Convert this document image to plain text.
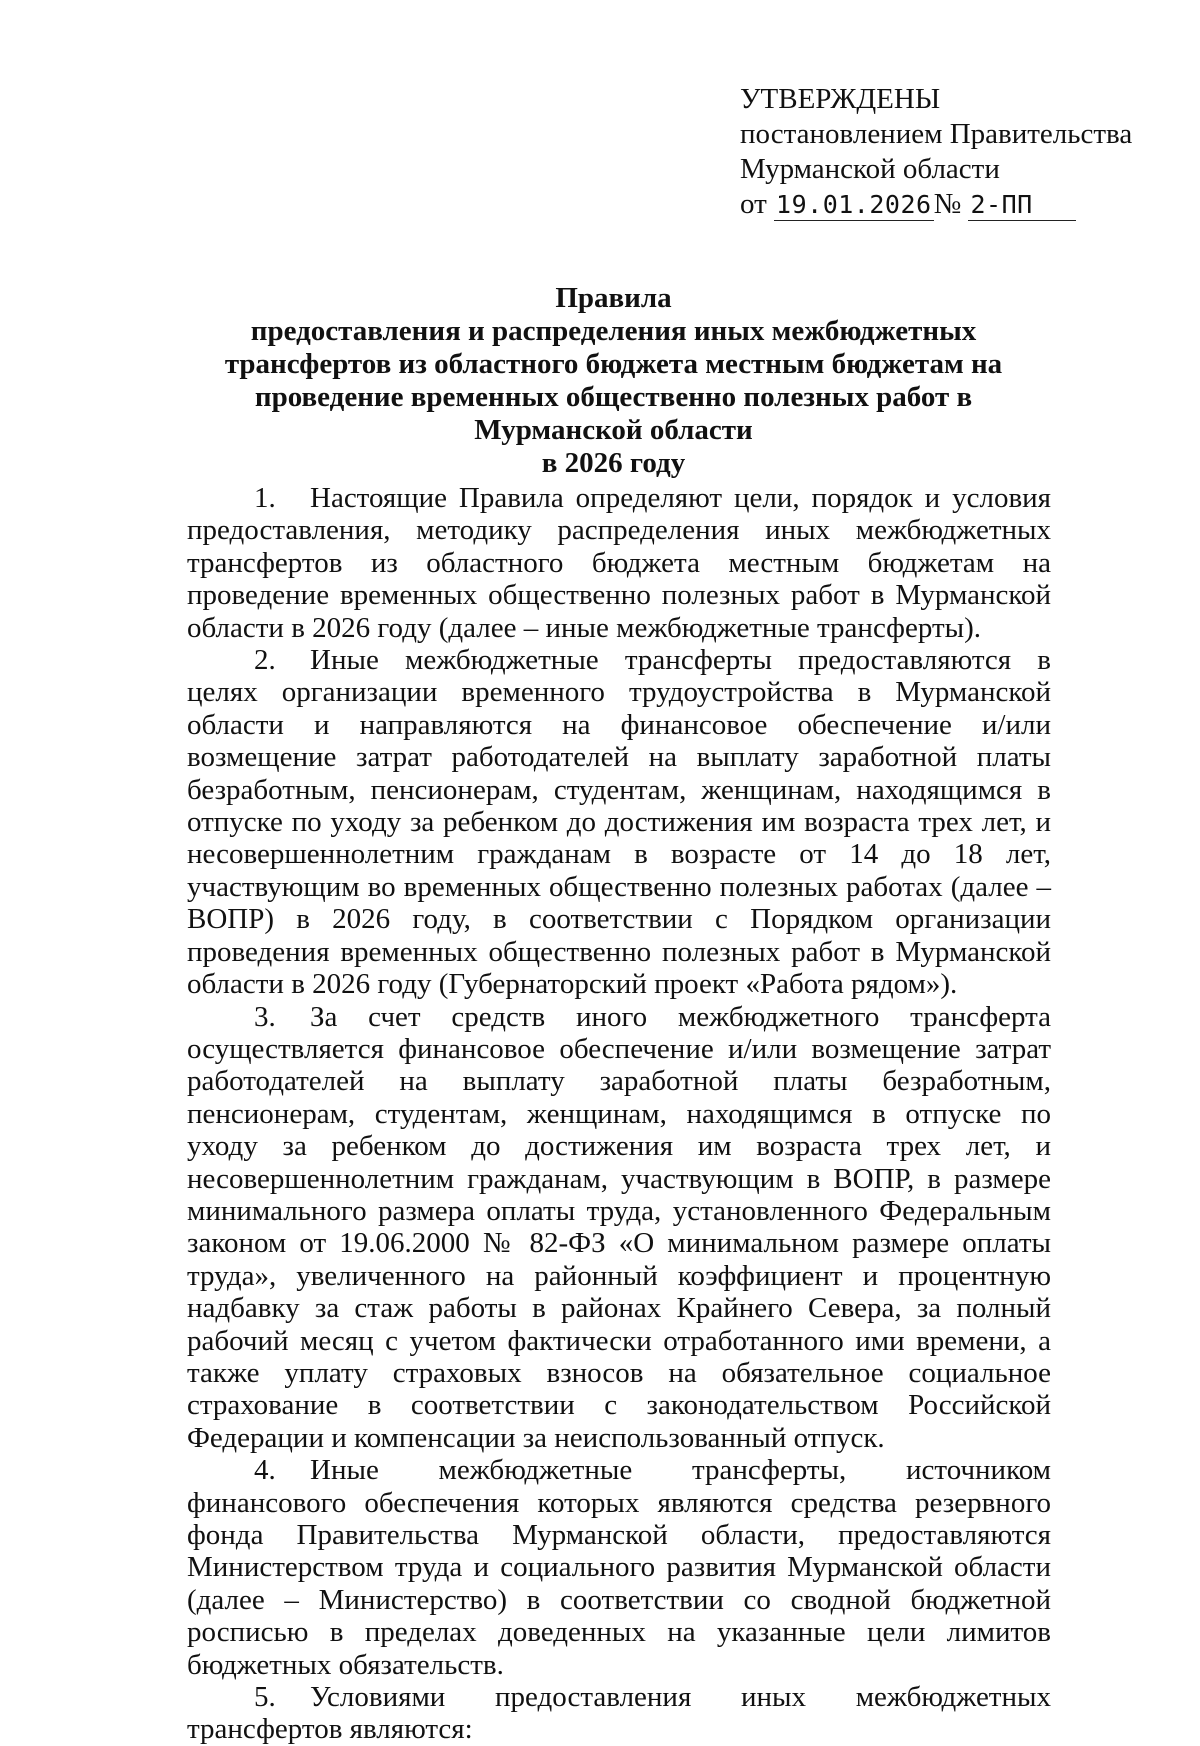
УТВЕРЖДЕНЫ
постановлением Правительства
Мурманской области
от 19.01.2026№ 2-ПП
Правила
предоставления и распределения иных межбюджетных трансфертов из областного бюджета местным бюджетам на проведение временных общественно полезных работ в Мурманской области
в 2026 году

1. Настоящие Правила определяют цели, порядок и условия предоставления, методику распределения иных межбюджетных трансфертов из областного бюджета местным бюджетам на проведение временных общественно полезных работ в Мурманской области в 2026 году (далее – иные межбюджетные трансферты).

2. Иные межбюджетные трансферты предоставляются в целях организации временного трудоустройства в Мурманской области и направляются на финансовое обеспечение и/или возмещение затрат работодателей на выплату заработной платы безработным, пенсионерам, студентам, женщинам, находящимся в отпуске по уходу за ребенком до достижения им возраста трех лет, и несовершеннолетним гражданам в возрасте от 14 до 18 лет, участвующим во временных общественно полезных работах (далее – ВОПР) в 2026 году, в соответствии с Порядком организации проведения временных общественно полезных работ в Мурманской области в 2026 году (Губернаторский проект «Работа рядом»).

3. За счет средств иного межбюджетного трансферта осуществляется финансовое обеспечение и/или возмещение затрат работодателей на выплату заработной платы безработным, пенсионерам, студентам, женщинам, находящимся в отпуске по уходу за ребенком до достижения им возраста трех лет, и несовершеннолетним гражданам, участвующим в ВОПР, в размере минимального размера оплаты труда, установленного Федеральным законом от 19.06.2000 № 82-ФЗ «О минимальном размере оплаты труда», увеличенного на районный коэффициент и процентную надбавку за стаж работы в районах Крайнего Севера, за полный рабочий месяц с учетом фактически отработанного ими времени, а также уплату страховых взносов на обязательное социальное страхование в соответствии с законодательством Российской Федерации и компенсации за неиспользованный отпуск.

4. Иные межбюджетные трансферты, источником финансового обеспечения которых являются средства резервного фонда Правительства Мурманской области, предоставляются Министерством труда и социального развития Мурманской области (далее – Министерство) в соответствии со сводной бюджетной росписью в пределах доведенных на указанные цели лимитов бюджетных обязательств.

5. Условиями предоставления иных межбюджетных трансфертов являются:
